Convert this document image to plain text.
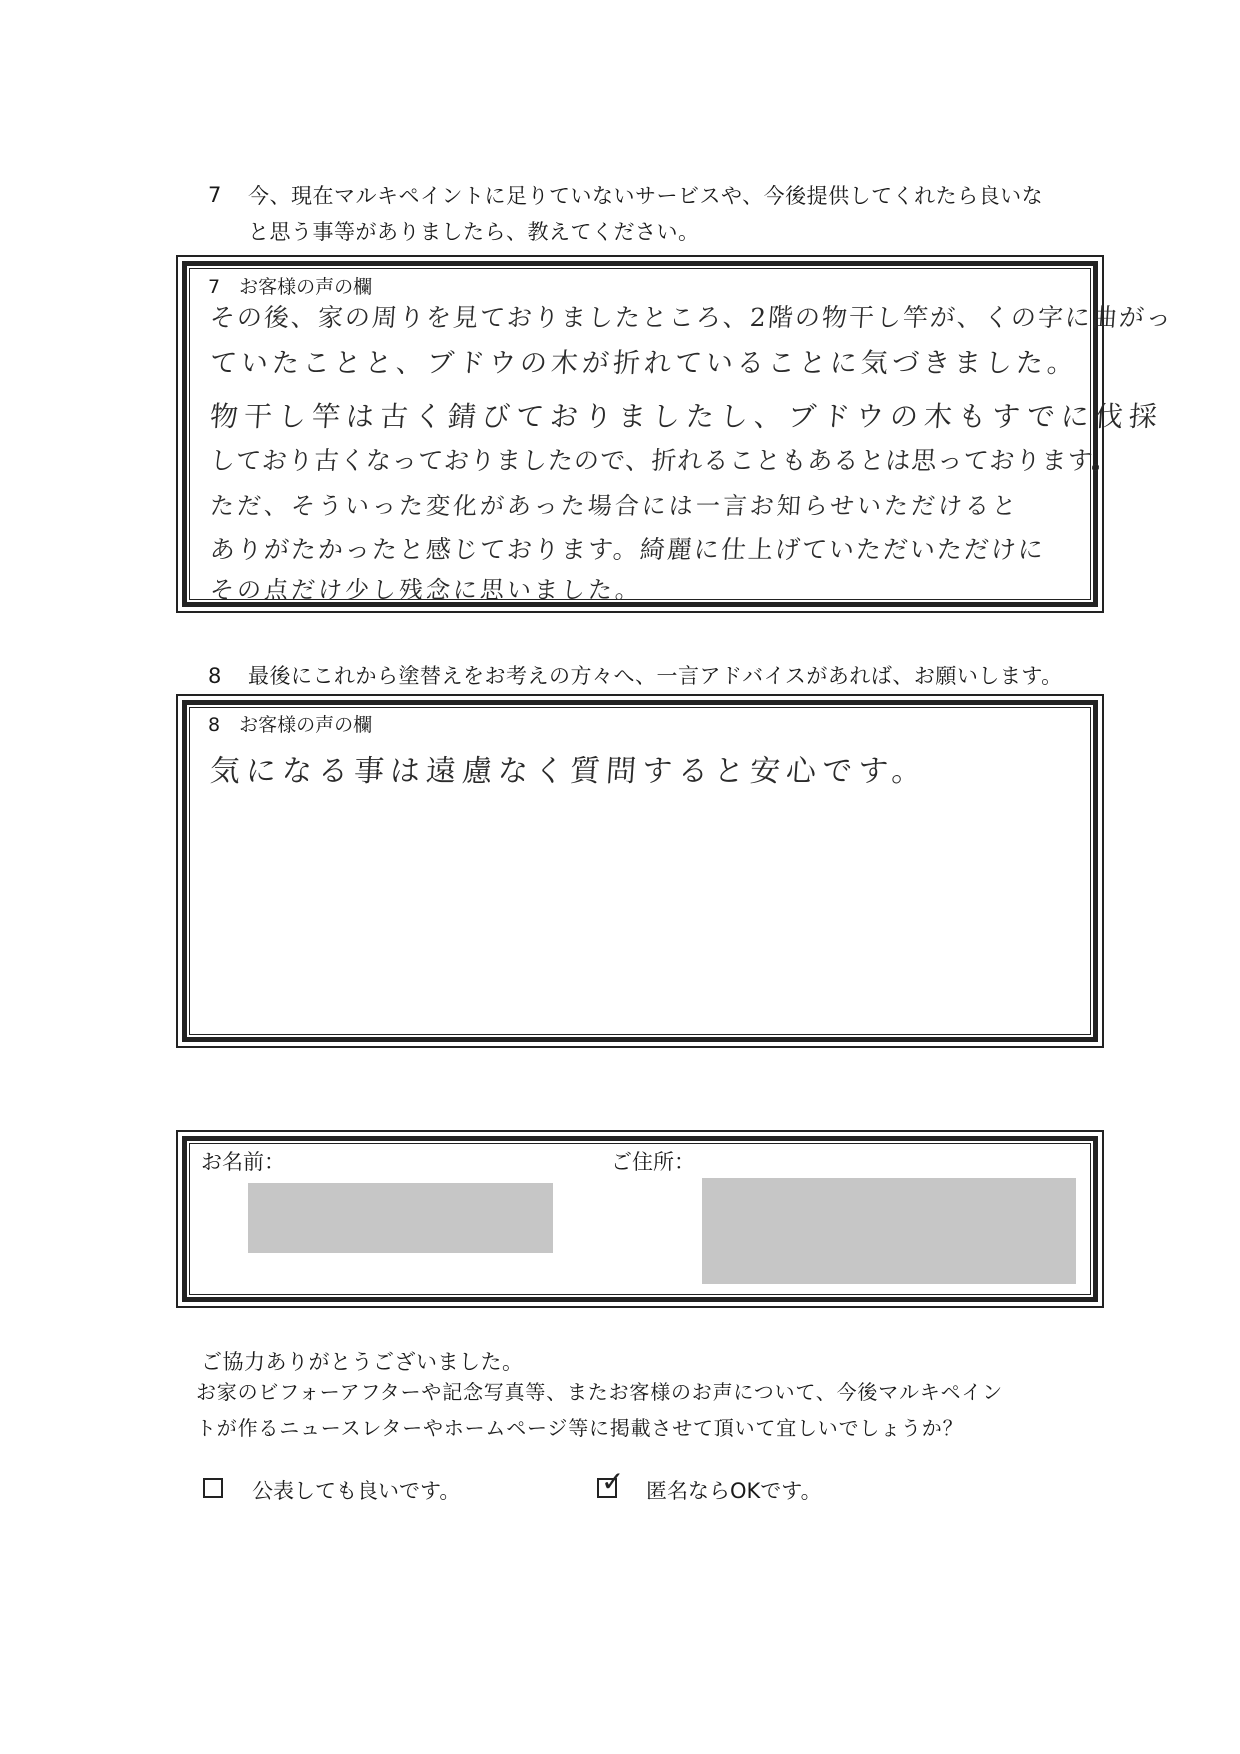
7 今、現在マルキペイントに足りていないサービスや、今後提供してくれたら良いな
と思う事等がありましたら、教えてください。
7　お客様の声の欄
その後、家の周りを見ておりましたところ、2階の物干し竿が、くの字に曲がっ
ていたことと、ブドウの木が折れていることに気づきました。
物干し竿は古く錆びておりましたし、ブドウの木もすでに伐採
しており古くなっておりましたので、折れることもあるとは思っております。
ただ、そういった変化があった場合には一言お知らせいただけると
ありがたかったと感じております。綺麗に仕上げていただいただけに
その点だけ少し残念に思いました。
8 最後にこれから塗替えをお考えの方々へ、一言アドバイスがあれば、お願いします。
8　お客様の声の欄
気になる事は遠慮なく質問すると安心です。
お名前：	ご住所：
ご協力ありがとうございました。
お家のビフォーアフターや記念写真等、またお客様のお声について、今後マルキペイン
トが作るニュースレターやホームページ等に掲載させて頂いて宜しいでしょうか？
公表しても良いです。	✓ 匿名ならOKです。
